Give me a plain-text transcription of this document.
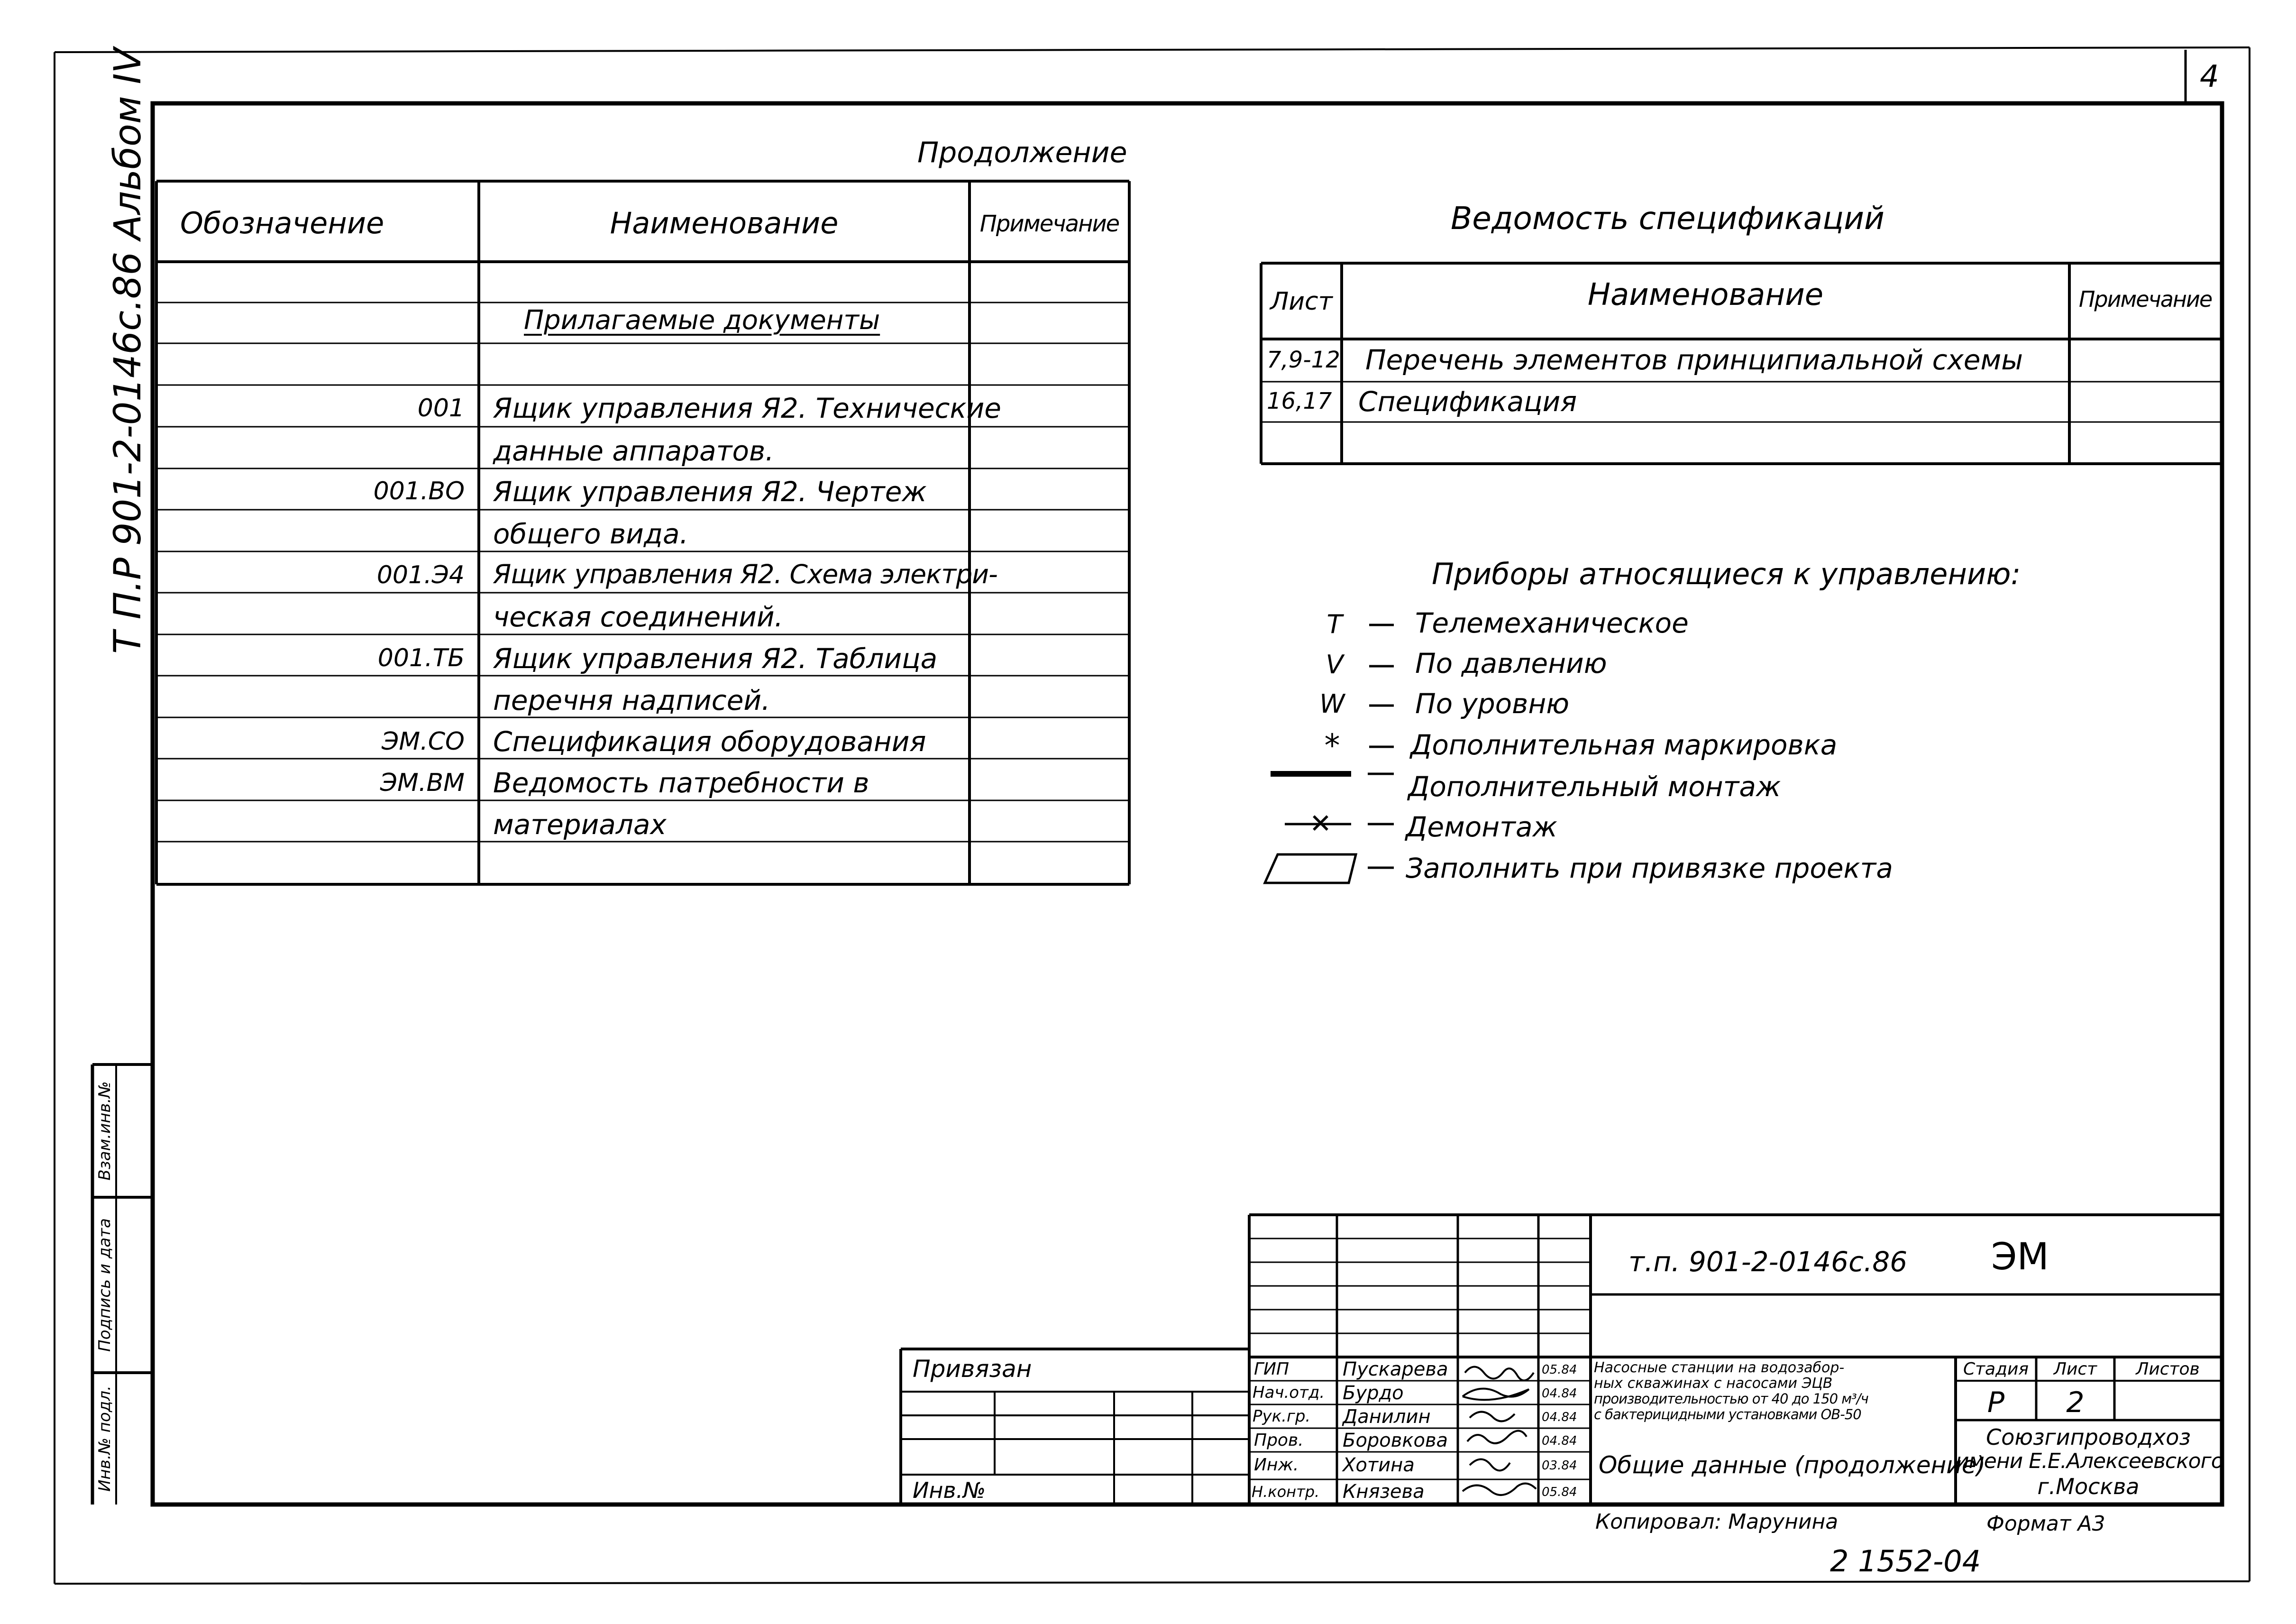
4
Т П.Р 901-2-0146с.86 Альбом IV
Инв.№ подл.
Подпись и дата
Взам.инв.№
Продолжение
Обозначение	Наименование	Примечание
Прилагаемые документы
001 Ящик управления Я2. Технические
данные аппаратов.
001.ВО Ящик управления Я2. Чертеж
общего вида.
001.Э4 Ящик управления Я2. Схема электри-
ческая соединений.
001.ТБ Ящик управления Я2. Таблица
перечня надписей.
ЭМ.СО Спецификация оборудования
ЭМ.ВМ Ведомость патребности в
материалах
Ведомость спецификаций
Лист	Наименование	Примечание
7,9-12 Перечень элементов принципиальной схемы
16,17 Спецификация
Приборы атносящиеся к управлению:
Т	Телемеханическое
V	По давлению
W	По уровню
*	Дополнительная маркировка
Дополнительный монтаж
✕	Демонтаж
Заполнить при привязке проекта
Привязан
Инв.№
ГИП	Пускарева	05.84
Нач.отд. Бурдо	04.84
Рук.гр. Данилин	04.84
Пров. Боровкова	04.84
Инж. Хотина	03.84
Н.контр. Князева	05.84
т.п. 901-2-0146с.86 ЭМ
Насосные станции на водозабор-
ных скважинах с насосами ЭЦВ
производительностью от 40 до 150 м³/ч
с бактерицидными установками ОВ-50
Общие данные (продолжение)
Стадия	Лист	Листов
Р	2
Союзгипроводхоз
имени Е.Е.Алексеевского
г.Москва
Копировал: Марунина	Формат А3
2 1552-04
